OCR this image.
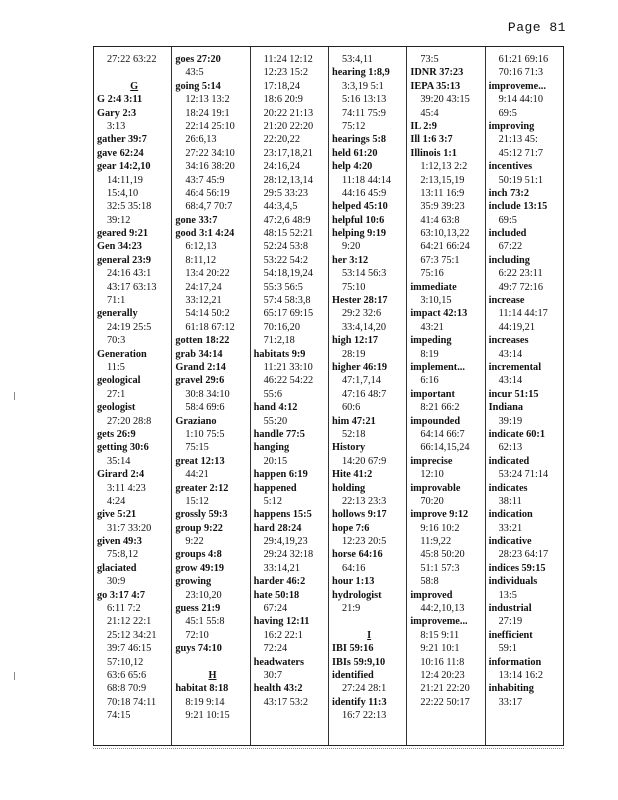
Page 81
27:22 63:22
G
G 2:4 3:11
Gary 2:3
3:13
gather 39:7
gave 62:24
gear 14:2,10
14:11,19
15:4,10
32:5 35:18
39:12
geared 9:21
Gen 34:23
general 23:9
24:16 43:1
43:17 63:13
71:1
generally
24:19 25:5
70:3
Generation
11:5
geological
27:1
geologist
27:20 28:8
gets 26:9
getting 30:6
35:14
Girard 2:4
3:11 4:23
4:24
give 5:21
31:7 33:20
given 49:3
75:8,12
glaciated
30:9
go 3:17 4:7
6:11 7:2
21:12 22:1
25:12 34:21
39:7 46:15
57:10,12
63:6 65:6
68:8 70:9
70:18 74:11
74:15
goes 27:20
43:5
going 5:14
12:13 13:2
18:24 19:1
22:14 25:10
26:6,13
27:22 34:10
34:16 38:20
43:7 45:9
46:4 56:19
68:4,7 70:7
gone 33:7
good 3:1 4:24
6:12,13
8:11,12
13:4 20:22
24:17,24
33:12,21
54:14 50:2
61:18 67:12
gotten 18:22
grab 34:14
Grand 2:14
gravel 29:6
30:8 34:10
58:4 69:6
Graziano
1:10 75:5
75:15
great 12:13
44:21
greater 2:12
15:12
grossly 59:3
group 9:22
9:22
groups 4:8
grow 49:19
growing
23:10,20
guess 21:9
45:1 55:8
72:10
guys 74:10
H
habitat 8:18
8:19 9:14
9:21 10:15
11:24 12:12
12:23 15:2
17:18,24
18:6 20:9
20:22 21:13
21:20 22:20
22:20,22
23:17,18,21
24:16,24
28:12,13,14
29:5 33:23
44:3,4,5
47:2,6 48:9
48:15 52:21
52:24 53:8
53:22 54:2
54:18,19,24
55:3 56:5
57:4 58:3,8
65:17 69:15
70:16,20
71:2,18
habitats 9:9
11:21 33:10
46:22 54:22
55:6
hand 4:12
55:20
handle 77:5
hanging
20:15
happen 6:19
happened
5:12
happens 15:5
hard 28:24
29:4,19,23
29:24 32:18
33:14,21
harder 46:2
hate 50:18
67:24
having 12:11
16:2 22:1
72:24
headwaters
30:7
health 43:2
43:17 53:2
53:4,11
hearing 1:8,9
3:3,19 5:1
5:16 13:13
74:11 75:9
75:12
hearings 5:8
held 61:20
help 4:20
11:18 44:14
44:16 45:9
helped 45:10
helpful 10:6
helping 9:19
9:20
her 3:12
53:14 56:3
75:10
Hester 28:17
29:2 32:6
33:4,14,20
high 12:17
28:19
higher 46:19
47:1,7,14
47:16 48:7
60:6
him 47:21
52:18
History
14:20 67:9
Hite 41:2
holding
22:13 23:3
hollows 9:17
hope 7:6
12:23 20:5
horse 64:16
64:16
hour 1:13
hydrologist
21:9
I
IBI 59:16
IBIs 59:9,10
identified
27:24 28:1
identify 11:3
16:7 22:13
73:5
IDNR 37:23
IEPA 35:13
39:20 43:15
45:4
IL 2:9
Ill 1:6 3:7
Illinois 1:1
1:12,13 2:2
2:13,15,19
13:11 16:9
35:9 39:23
41:4 63:8
63:10,13,22
64:21 66:24
67:3 75:1
75:16
immediate
3:10,15
impact 42:13
43:21
impeding
8:19
implement...
6:16
important
8:21 66:2
impounded
64:14 66:7
66:14,15,24
imprecise
12:10
improvable
70:20
improve 9:12
9:16 10:2
11:9,22
45:8 50:20
51:1 57:3
58:8
improved
44:2,10,13
improveme...
8:15 9:11
9:21 10:1
10:16 11:8
12:4 20:23
21:21 22:20
22:22 50:17
61:21 69:16
70:16 71:3
improveme...
9:14 44:10
69:5
improving
21:13 45:
45:12 71:7
incentives
50:19 51:1
inch 73:2
include 13:15
69:5
included
67:22
including
6:22 23:11
49:7 72:16
increase
11:14 44:17
44:19,21
increases
43:14
incremental
43:14
incur 51:15
Indiana
39:19
indicate 60:1
62:13
indicated
53:24 71:14
indicates
38:11
indication
33:21
indicative
28:23 64:17
indices 59:15
individuals
13:5
industrial
27:19
inefficient
59:1
information
13:14 16:2
inhabiting
33:17
